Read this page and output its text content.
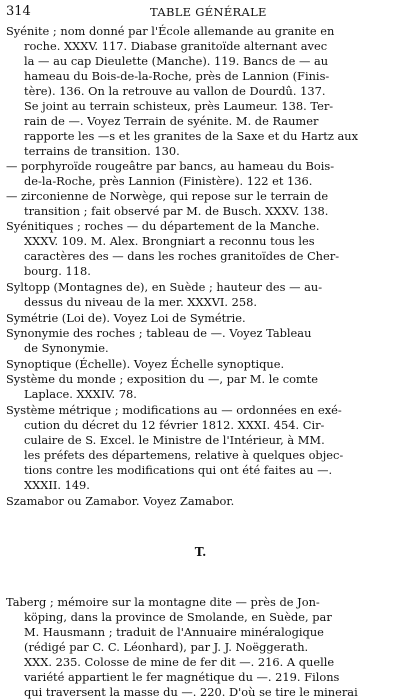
314	TABLE GÉNÉRALE
Syénite ; nom donné par l'École allemande au granite en
roche. XXXV. 117. Diabase granitoïde alternant avec
la — au cap Dieulette (Manche). 119. Bancs de — au
hameau du Bois-de-la-Roche, près de Lannion (Finis-
tère). 136. On la retrouve au vallon de Dourdû. 137.
Se joint au terrain schisteux, près Laumeur. 138. Ter-
rain de —. Voyez Terrain de syénite. M. de Raumer
rapporte les —s et les granites de la Saxe et du Hartz aux
terrains de transition. 130.
— porphyroïde rougeâtre par bancs, au hameau du Bois-
de-la-Roche, près Lannion (Finistère). 122 et 136.
— zirconienne de Norwège, qui repose sur le terrain de
transition ; fait observé par M. de Busch. XXXV. 138.
Syénitiques ; roches — du département de la Manche.
XXXV. 109. M. Alex. Brongniart a reconnu tous les
caractères des — dans les roches granitoïdes de Cher-
bourg. 118.
Syltopp (Montagnes de), en Suède ; hauteur des — au-
dessus du niveau de la mer. XXXVI. 258.
Symétrie (Loi de). Voyez Loi de Symétrie.
Synonymie des roches ; tableau de —. Voyez Tableau
de Synonymie.
Synoptique (Échelle). Voyez Échelle synoptique.
Système du monde ; exposition du —, par M. le comte
Laplace. XXXIV. 78.
Système métrique ; modifications au — ordonnées en exé-
cution du décret du 12 février 1812. XXXI. 454. Cir-
culaire de S. Excel. le Ministre de l'Intérieur, à MM.
les préfets des départemens, relative à quelques objec-
tions contre les modifications qui ont été faites au —.
XXXII. 149.
Szamabor ou Zamabor. Voyez Zamabor.
T.
Taberg ; mémoire sur la montagne dite — près de Jon-
köping, dans la province de Smolande, en Suède, par
M. Hausmann ; traduit de l'Annuaire minéralogique
(rédigé par C. C. Léonhard), par J. J. Noëggerath.
XXX. 235. Colosse de mine de fer dit —. 216. A quelle
variété appartient le fer magnétique du —. 219. Filons
qui traversent la masse du —. 220. D'où se tire le minerai
